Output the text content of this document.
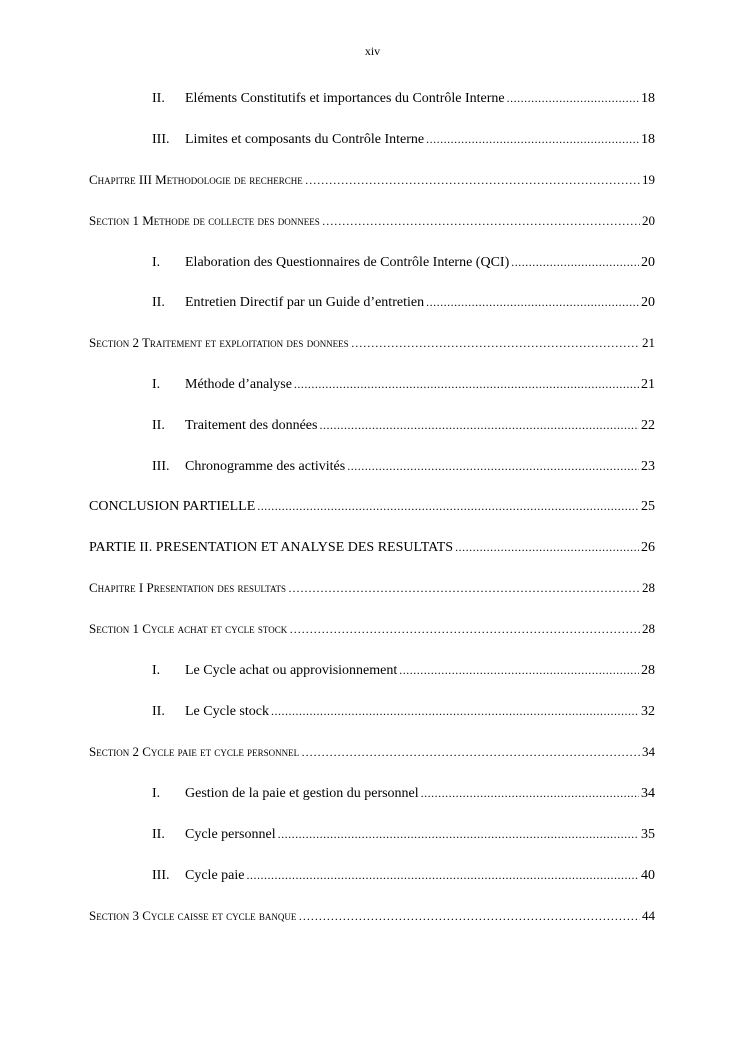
xiv
II.	Eléments Constitutifs et importances du Contrôle Interne .....	18
III.	Limites et composants du Contrôle Interne .....	18
Chapitre III Methodologie de recherche ………………………………………………………………………………………………………………………………………………………………	19
Section 1 Methode de collecte des donnees ………………………………………………………………………………………………………………………………………………………………	20
I.	Elaboration des Questionnaires de Contrôle Interne (QCI) .....	20
II.	Entretien Directif par un Guide d’entretien .....	20
Section 2 Traitement et exploitation des donnees ………………………………………………………………………………………………………………………………………………………………	21
I.	Méthode d’analyse .....	21
II.	Traitement des données .....	22
III.	Chronogramme des activités .....	23
CONCLUSION PARTIELLE .....	25
PARTIE II. PRESENTATION ET ANALYSE DES RESULTATS .....	26
Chapitre I Presentation des resultats ………………………………………………………………………………………………………………………………………………………………	28
Section 1 Cycle achat et cycle stock ………………………………………………………………………………………………………………………………………………………………	28
I.	Le Cycle achat ou approvisionnement .....	28
II.	Le Cycle stock .....	32
Section 2 Cycle paie et cycle personnel ………………………………………………………………………………………………………………………………………………………………	34
I.	Gestion de la paie et gestion du personnel .....	34
II.	Cycle personnel .....	35
III.	Cycle paie .....	40
Section 3 Cycle caisse et cycle banque ………………………………………………………………………………………………………………………………………………………………	44
